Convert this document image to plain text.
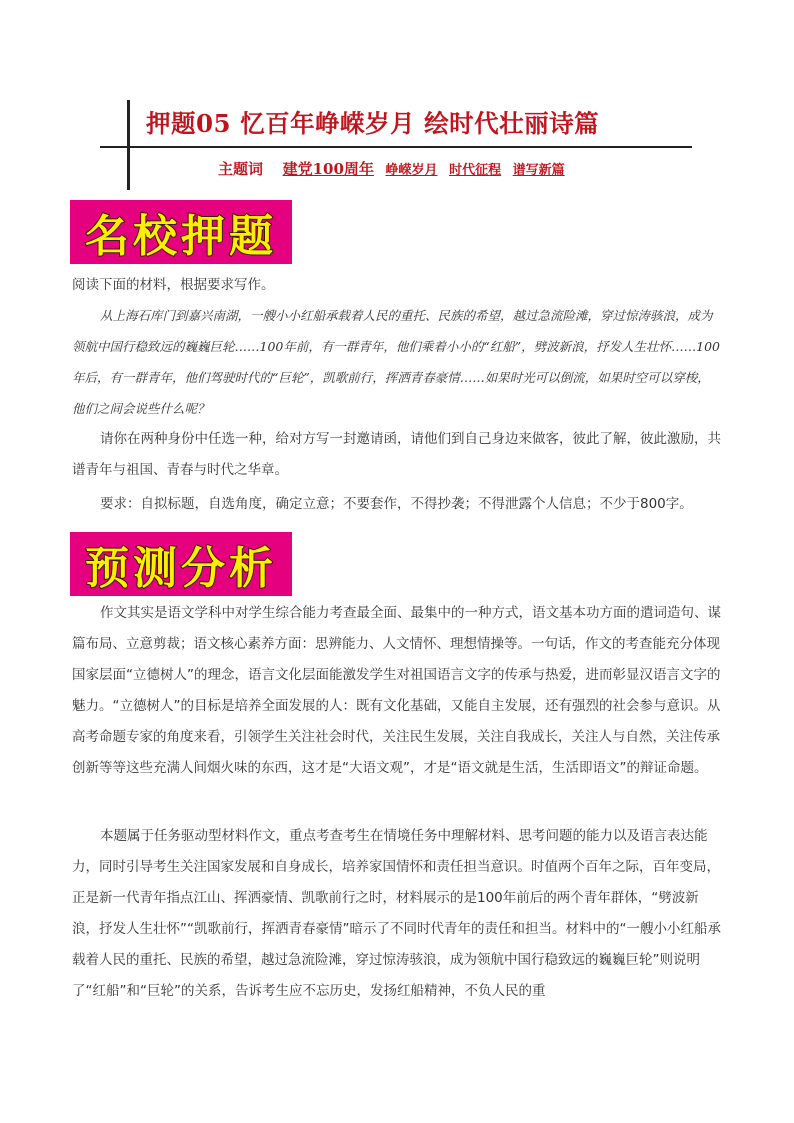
押题05 忆百年峥嵘岁月 绘时代壮丽诗篇
主题词 建党100周年 峥嵘岁月 时代征程 谱写新篇
名校押题

阅读下面的材料，根据要求写作。

从上海石库门到嘉兴南湖，一艘小小红船承载着人民的重托、民族的希望，越过急流险滩，穿过惊涛骇浪，成为领航中国行稳致远的巍巍巨轮……100年前，有一群青年，他们乘着小小的“红船”，劈波新浪，抒发人生壮怀……100年后，有一群青年，他们驾驶时代的“巨轮”，凯歌前行，挥洒青春豪情……如果时光可以倒流，如果时空可以穿梭，他们之间会说些什么呢？

请你在两种身份中任选一种，给对方写一封邀请函，请他们到自己身边来做客，彼此了解，彼此激励，共谱青年与祖国、青春与时代之华章。

要求：自拟标题，自选角度，确定立意；不要套作，不得抄袭；不得泄露个人信息；不少于800字。

预测分析

作文其实是语文学科中对学生综合能力考查最全面、最集中的一种方式，语文基本功方面的遣词造句、谋篇布局、立意剪裁；语文核心素养方面：思辨能力、人文情怀、理想情操等。一句话，作文的考查能充分体现国家层面“立德树人”的理念，语言文化层面能激发学生对祖国语言文字的传承与热爱，进而彰显汉语言文字的魅力。“立德树人”的目标是培养全面发展的人：既有文化基础，又能自主发展，还有强烈的社会参与意识。从高考命题专家的角度来看，引领学生关注社会时代，关注民生发展，关注自我成长，关注人与自然，关注传承创新等等这些充满人间烟火味的东西，这才是“大语文观”，才是“语文就是生活，生活即语文”的辩证命题。

本题属于任务驱动型材料作文，重点考查考生在情境任务中理解材料、思考问题的能力以及语言表达能力，同时引导考生关注国家发展和自身成长，培养家国情怀和责任担当意识。时值两个百年之际，百年变局，正是新一代青年指点江山、挥洒豪情、凯歌前行之时，材料展示的是100年前后的两个青年群体，“劈波新浪，抒发人生壮怀”“凯歌前行，挥洒青春豪情”暗示了不同时代青年的责任和担当。材料中的“一艘小小红船承载着人民的重托、民族的希望，越过急流险滩，穿过惊涛骇浪，成为领航中国行稳致远的巍巍巨轮”则说明了“红船”和“巨轮”的关系，告诉考生应不忘历史，发扬红船精神，不负人民的重
